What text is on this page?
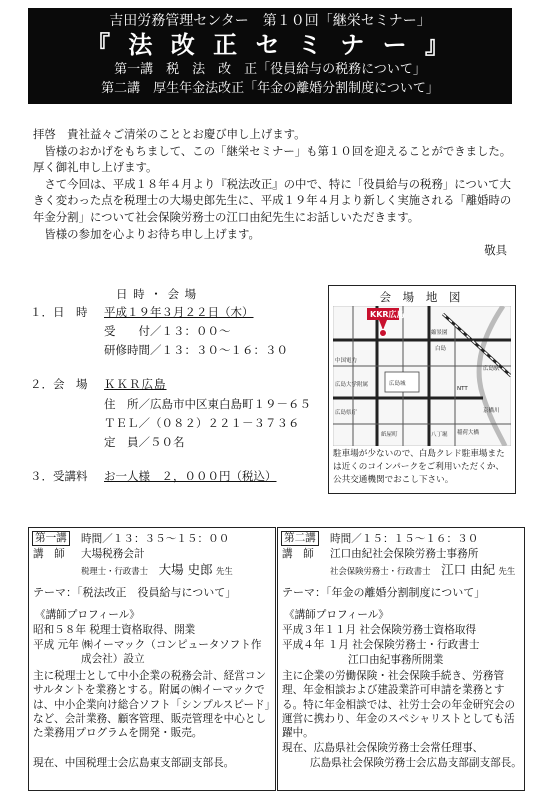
吉田労務管理センター　第１０回「継栄セミナー」
『 法 改 正 セ ミ ナ ー 』
第一講　税　法　改　正「役員給与の税務について」
第二講　厚生年金法改正「年金の離婚分割制度について」

拝啓　貴社益々ご清栄のこととお慶び申し上げます。

皆様のおかげをもちまして、この「継栄セミナー」も第１０回を迎えることができました。厚く御礼申し上げます。

さて今回は、平成１８年４月より『税法改正』の中で、特に「役員給与の税務」について大きく変わった点を税理士の大場史郎先生に、平成１９年４月より新しく実施される「離婚時の年金分割」について社会保険労務士の江口由紀先生にお話しいただきます。

皆様の参加を心よりお待ち申し上げます。

敬具

日 時 ・ 会 場
１．日　時 平成１９年３月２２日（木）
受　　付／１３：００～
研修時間／１３：３０～１６：３０
２．会　場 ＫＫＲ広島
住　所／広島市中区東白島町１９－６５
ＴＥＬ／（０８２）２２１－３７３６
定　員／５０名
３．受講料 お一人様　２，０００円（税込）
会 場 地 図
KKR広島
縮景園
白島
広島城
広島駅
京橋川
八丁堀
紙屋町
中国電力
広島県庁
稲荷大橋
広島大学附属
NTT
駐車場が少ないので、白島クレド駐車場または近くのコインパークをご利用いただくか、公共交通機関でおこし下さい。
第一講 時間／１３：３５～１５：００
講　師 大場税務会計
税理士・行政書士　 大場 史郎 先生
テーマ：「税法改正　役員給与について」
《講師プロフィール》
昭和５８年 税理士資格取得、開業
平成 元年 ㈱イーマック（コンピュータソフト作成会社）設立
主に税理士として中小企業の税務会計、経営コンサルタントを業務とする。附属の㈱イーマックでは、中小企業向け総合ソフト「シンプルスピード」など、会計業務、顧客管理、販売管理を中心とした業務用プログラムを開発・販売。
現在、中国税理士会広島東支部副支部長。
第二講 時間／１５：１５～１６：３０
講　師 江口由紀社会保険労務士事務所
社会保険労務士・行政書士　 江口 由紀 先生
テーマ：「年金の離婚分割制度について」
《講師プロフィール》
平成３年１１月 社会保険労務士資格取得
平成４年 １月 社会保険労務士・行政書士
江口由紀事務所開業
主に企業の労働保険・社会保険手続き、労務管理、年金相談および建設業許可申請を業務とする。特に年金相談では、社労士会の年金研究会の運営に携わり、年金のスペシャリストとしても活躍中。
現在、広島県社会保険労務士会常任理事、
広島県社会保険労務士会広島支部副支部長。
